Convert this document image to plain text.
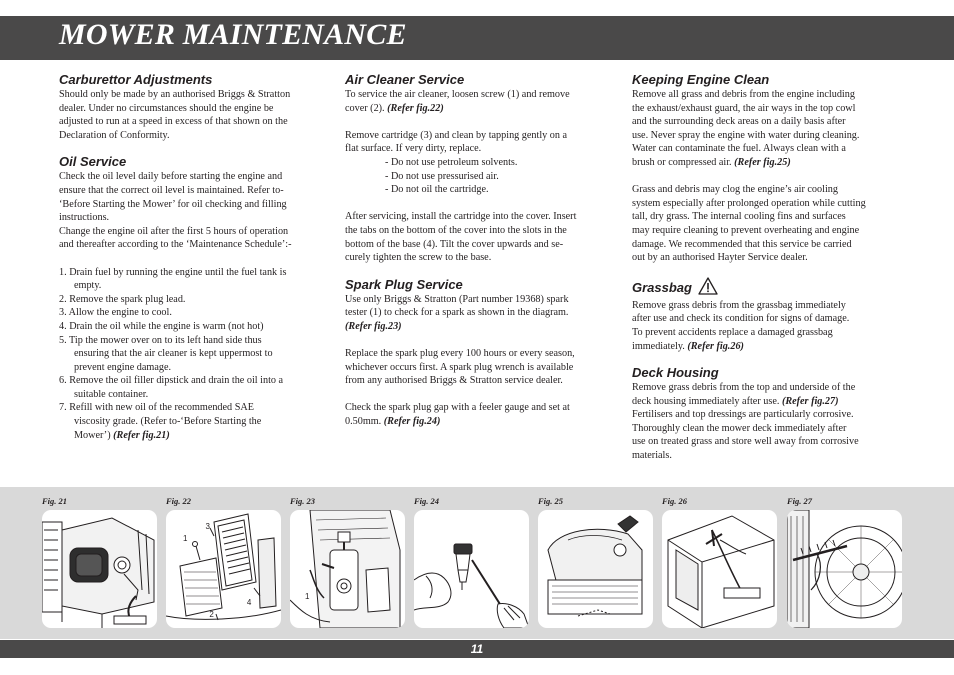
MOWER MAINTENANCE
Carburettor Adjustments

Should only be made by an authorised Briggs & Stratton

dealer. Under no circumstances should the engine be

adjusted to run at a speed in excess of that shown on the

Declaration of Conformity.

Oil Service

Check the oil level daily before starting the engine and

ensure that the correct oil level is maintained. Refer to-

‘Before Starting the Mower’ for oil checking and filling

instructions.

Change the engine oil after the first 5 hours of operation

and thereafter according to the ‘Maintenance Schedule’:-

1. Drain fuel by running the engine until the fuel tank is
empty.

2. Remove the spark plug lead.

3. Allow the engine to cool.

4. Drain the oil while the engine is warm (not hot)

5. Tip the mower over on to its left hand side thus
ensuring that the air cleaner is kept uppermost to
prevent engine damage.

6. Remove the oil filler dipstick and drain the oil into a
suitable container.

7. Refill with new oil of the recommended SAE
viscosity grade. (Refer to-‘Before Starting the
Mower’) (Refer fig.21)

Air Cleaner Service

To service the air cleaner, loosen screw (1) and remove

cover (2). (Refer fig.22)

Remove cartridge (3) and clean by tapping gently on a

flat surface. If very dirty, replace.

- Do not use petroleum solvents.

- Do not use pressurised air.

- Do not oil the cartridge.

After servicing, install the cartridge into the cover. Insert

the tabs on the bottom of the cover into the slots in the

bottom of the base (4). Tilt the cover upwards and se-

curely tighten the screw to the base.

Spark Plug Service

Use only Briggs & Stratton (Part number 19368) spark

tester (1) to check for a spark as shown in the diagram.

(Refer fig.23)

Replace the spark plug every 100 hours or every season,

whichever occurs first. A spark plug wrench is available

from any authorised Briggs & Stratton service dealer.

Check the spark plug gap with a feeler gauge and set at

0.50mm. (Refer fig.24)

Keeping Engine Clean

Remove all grass and debris from the engine including

the exhaust/exhaust guard, the air ways in the top cowl

and the surrounding deck areas on a daily basis after

use. Never spray the engine with water during cleaning.

Water can contaminate the fuel. Always clean with a

brush or compressed air. (Refer fig.25)

Grass and debris may clog the engine’s air cooling

system especially after prolonged operation while cutting

tall, dry grass. The internal cooling fins and surfaces

may require cleaning to prevent overheating and engine

damage. We recommended that this service be carried

out by an authorised Hayter Service dealer.

Grassbag

Remove grass debris from the grassbag immediately

after use and check its condition for signs of damage.

To prevent accidents replace a damaged grassbag

immediately. (Refer fig.26)

Deck Housing

Remove grass debris from the top and underside of the

deck housing immediately after use. (Refer fig.27)

Fertilisers and top dressings are particularly corrosive.

Thoroughly clean the mower deck immediately after

use on treated grass and store well away from corrosive

materials.

Fig. 21	Fig. 22
$^1$ $^3$ $^4$ $^2$
Fig. 23
$^1$
Fig. 24	Fig. 25	Fig. 26	Fig. 27
11
